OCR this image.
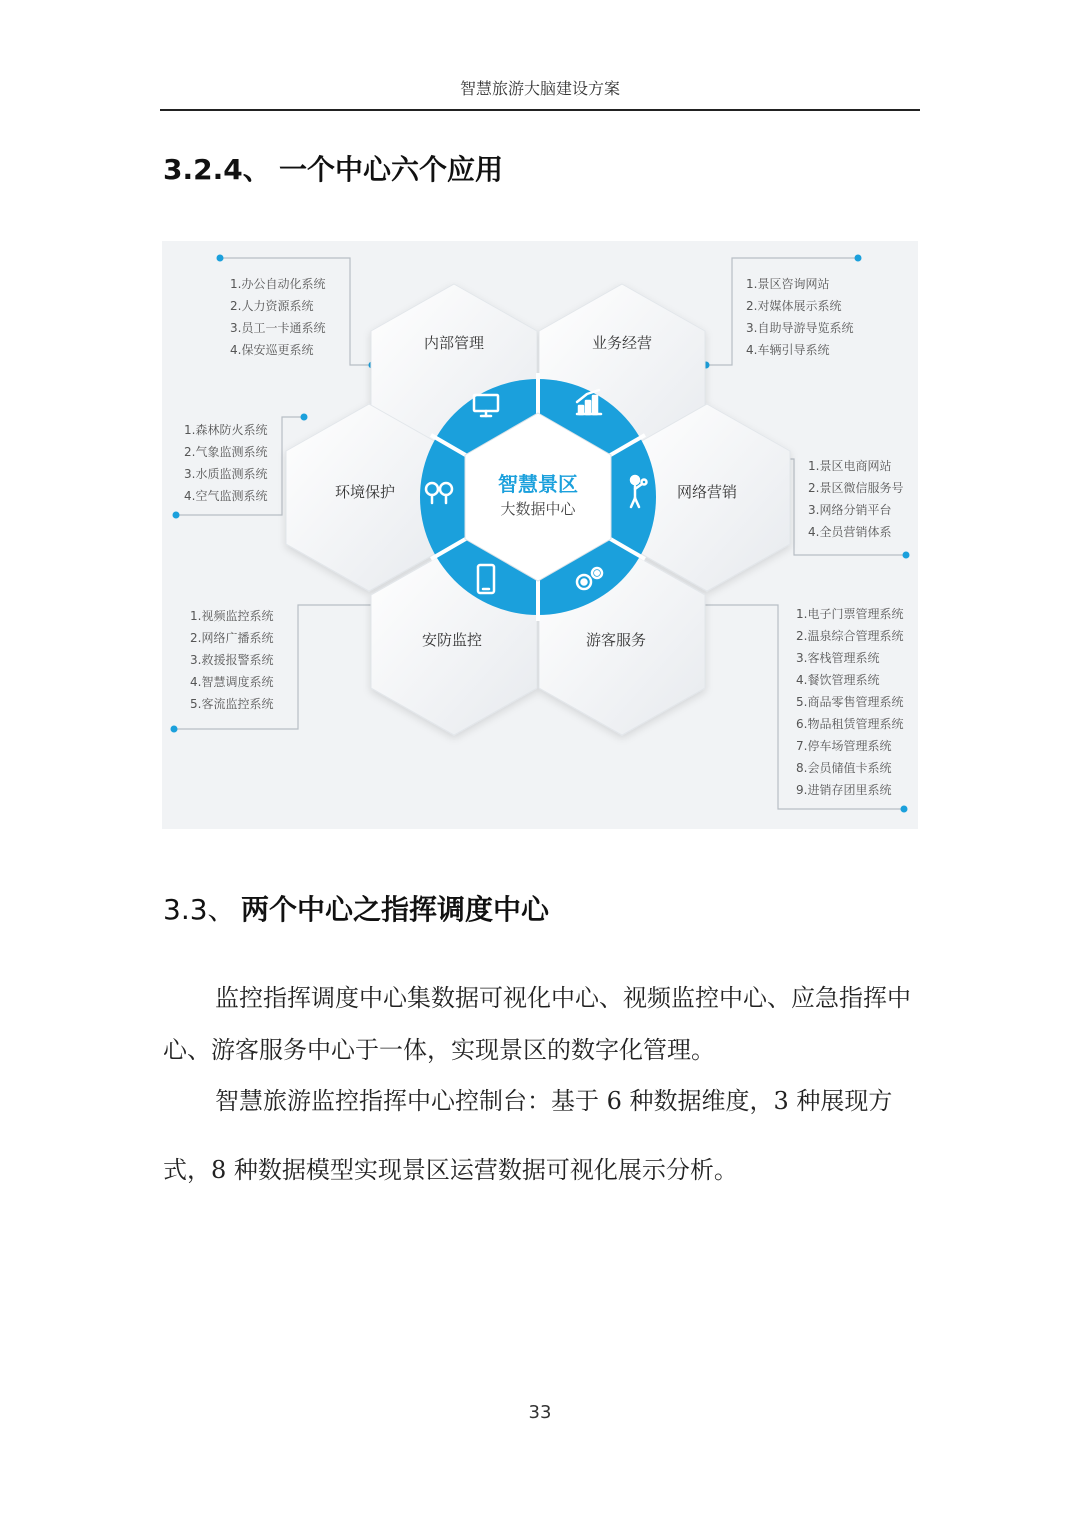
智慧旅游大脑建设方案
3.2.4、 一个中心六个应用
智慧景区
大数据中心
内部管理	业务经营
网络营销
游客服务
安防监控
环境保护
1.办公自动化系统
2.人力资源系统
3.员工一卡通系统
4.保安巡更系统
1.景区咨询网站
2.对媒体展示系统
3.自助导游导览系统
4.车辆引导系统
1.景区电商网站
2.景区微信服务号
3.网络分销平台
4.全员营销体系
1.电子门票管理系统
2.温泉综合管理系统
3.客栈管理系统
4.餐饮管理系统
5.商品零售管理系统
6.物品租赁管理系统
7.停车场管理系统
8.会员储值卡系统
9.进销存团里系统
1.视频监控系统
2.网络广播系统
3.救援报警系统
4.智慧调度系统
5.客流监控系统
1.森林防火系统
2.气象监测系统
3.水质监测系统
4.空气监测系统
3.3、 两个中心之指挥调度中心

监控指挥调度中心集数据可视化中心、视频监控中心、应急指挥中心、游客服务中心于一体，实现景区的数字化管理。

智慧旅游监控指挥中心控制台：基于 6 种数据维度，3 种展现方

式，8 种数据模型实现景区运营数据可视化展示分析。

33
